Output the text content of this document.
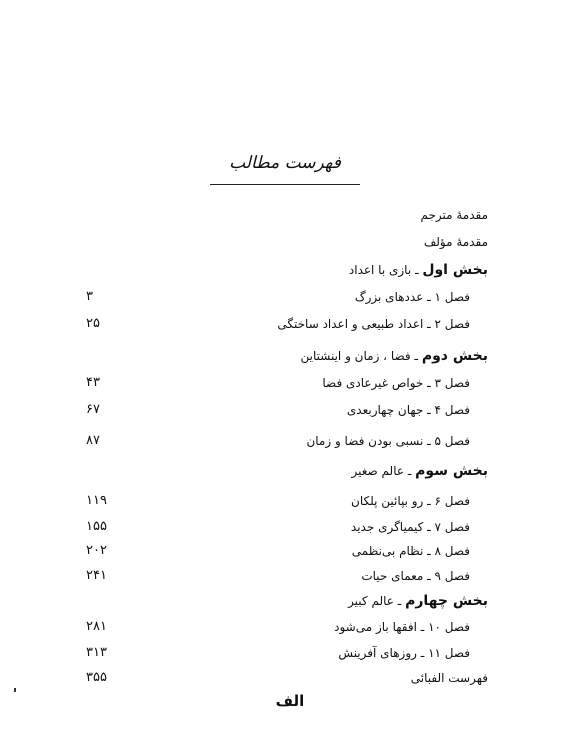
فهرست مطالب
مقدمهٔ مترجم
مقدمهٔ مؤلف
بخش اول ـ بازی با اعداد
فصل ۱ ـ عددهای بزرگ
۳
فصل ۲ ـ اعداد طبیعی و اعداد ساختگی
۲۵
بخش دوم ـ فضا ، زمان و اینشتاین
فصل ۳ ـ خواص غیرعادی فضا
۴۳
فصل ۴ ـ جهان چهاربعدی
۶۷
فصل ۵ ـ نسبی بودن فضا و زمان
۸۷
بخش سوم ـ عالم صغیر
فصل ۶ ـ رو بپائین پلکان
۱۱۹
فصل ۷ ـ کیمیاگری جدید
۱۵۵
فصل ۸ ـ نظام بی‌نظمی
۲۰۲
فصل ۹ ـ معمای حیات
۲۴۱
بخش چهارم ـ عالم کبیر
فصل ۱۰ ـ افقها باز می‌شود
۲۸۱
فصل ۱۱ ـ روزهای آفرینش
۳۱۳
فهرست الفبائی
۳۵۵
الف
